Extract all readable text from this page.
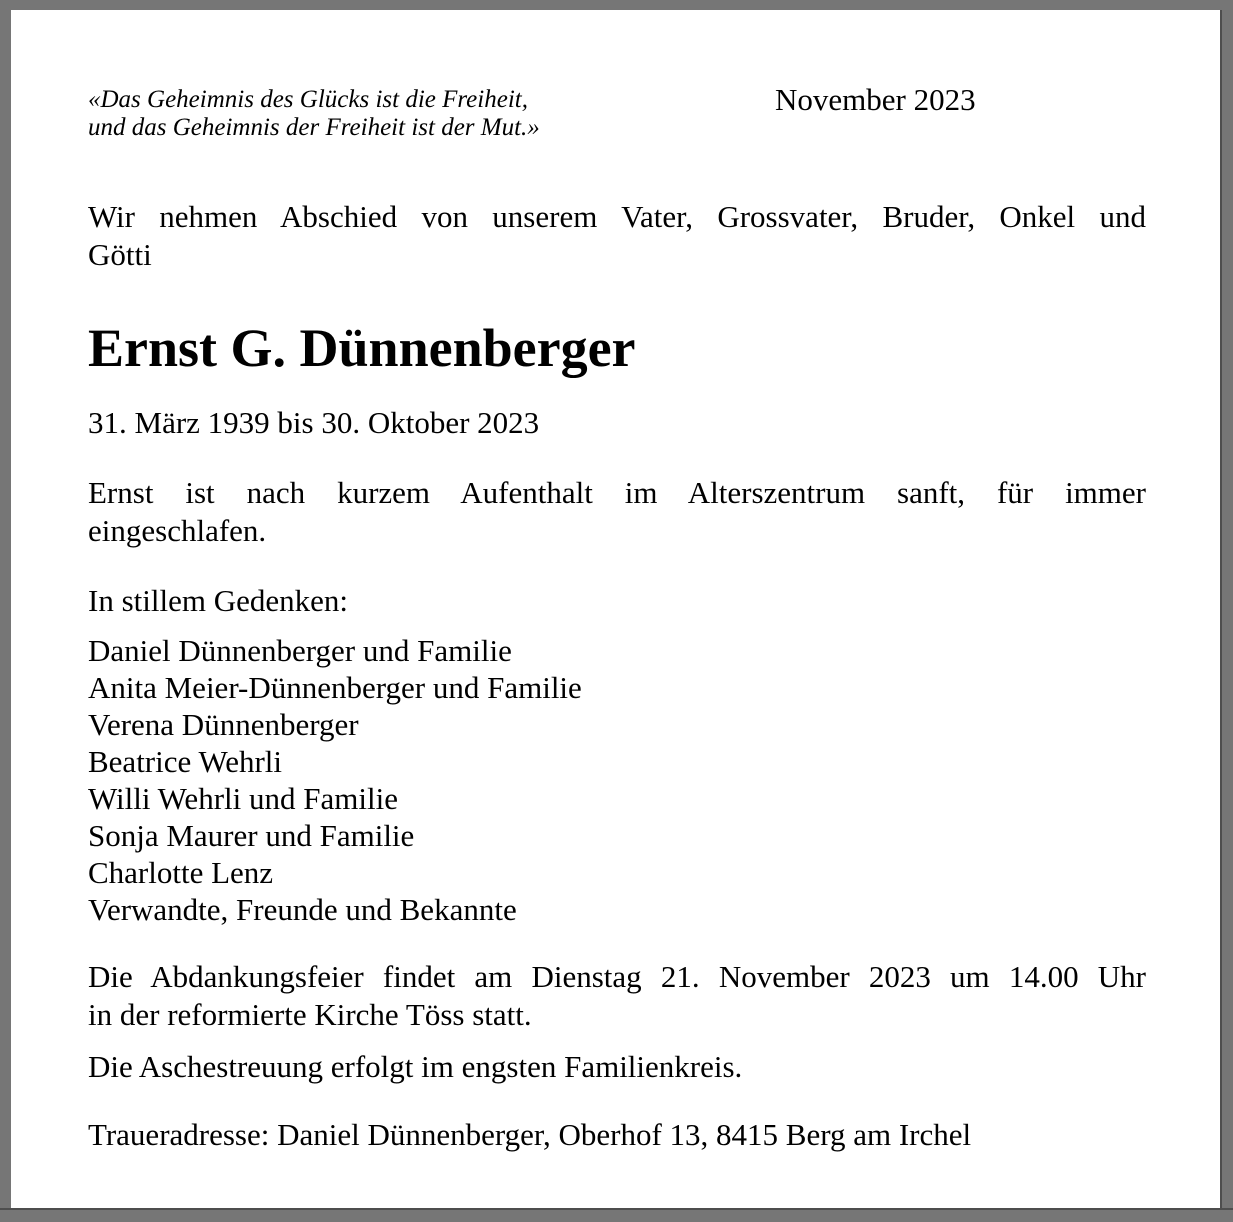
«Das Geheimnis des Glücks ist die Freiheit,
und das Geheimnis der Freiheit ist der Mut.»
November 2023
Wir nehmen Abschied von unserem Vater, Grossvater, Bruder, Onkel und
Götti
Ernst G. Dünnenberger
31. März 1939 bis 30. Oktober 2023
Ernst ist nach kurzem Aufenthalt im Alterszentrum sanft, für immer
eingeschlafen.
In stillem Gedenken:
Daniel Dünnenberger und Familie
Anita Meier-Dünnenberger und Familie
Verena Dünnenberger
Beatrice Wehrli
Willi Wehrli und Familie
Sonja Maurer und Familie
Charlotte Lenz
Verwandte, Freunde und Bekannte
Die Abdankungsfeier findet am Dienstag 21. November 2023 um 14.00 Uhr
in der reformierte Kirche Töss statt.
Die Aschestreuung erfolgt im engsten Familienkreis.
Traueradresse: Daniel Dünnenberger, Oberhof 13, 8415 Berg am Irchel
